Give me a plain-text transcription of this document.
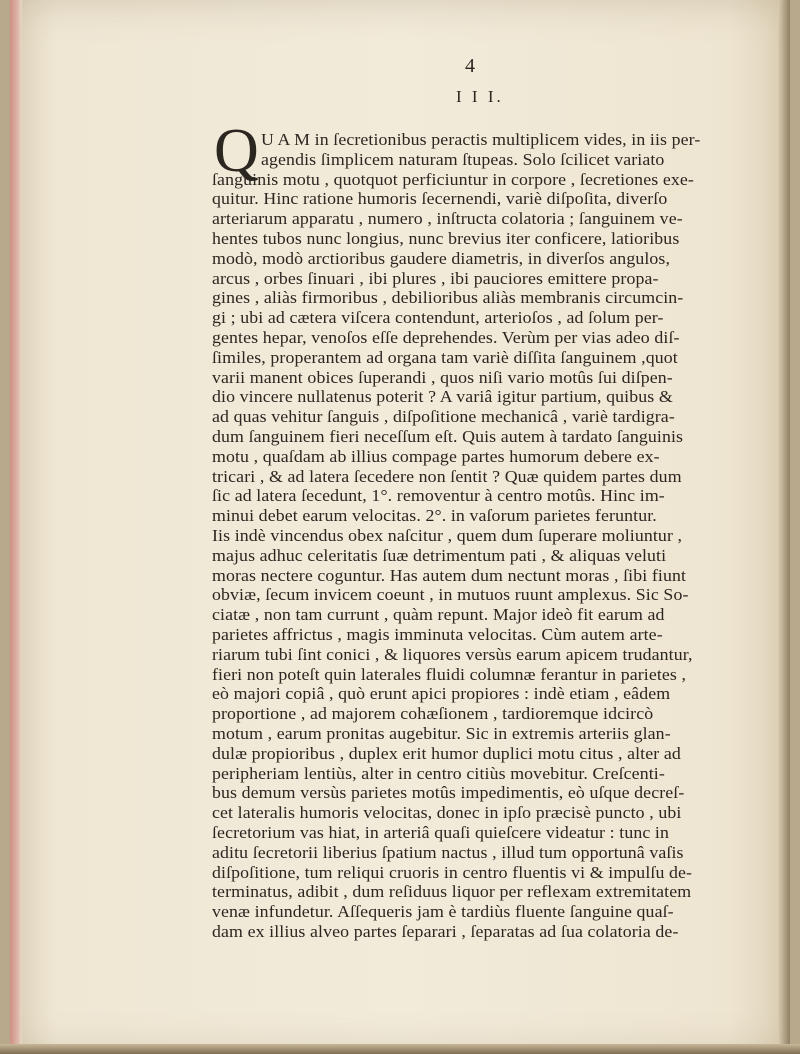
4
I I I.
Q U A M in ſecretionibus peractis multiplicem vides, in iis per-
agendis ſimplicem naturam ſtupeas. Solo ſcilicet variato
ſanguinis motu , quotquot perficiuntur in corpore , ſecretiones exe-
quitur. Hinc ratione humoris ſecernendi, variè diſpoſita, diverſo
arteriarum apparatu , numero , inſtructa colatoria ; ſanguinem ve-
hentes tubos nunc longius, nunc brevius iter conficere, latioribus
modò, modò arctioribus gaudere diametris, in diverſos angulos,
arcus , orbes ſinuari , ibi plures , ibi pauciores emittere propa-
gines , aliàs firmoribus , debilioribus aliàs membranis circumcin-
gi ; ubi ad cætera viſcera contendunt, arterioſos , ad ſolum per-
gentes hepar, venoſos eſſe deprehendes. Verùm per vias adeo diſ-
ſimiles, properantem ad organa tam variè diſſita ſanguinem ,quot
varii manent obices ſuperandi , quos niſi vario motûs ſui diſpen-
dio vincere nullatenus poterit ? A variâ igitur partium, quibus &
ad quas vehitur ſanguis , diſpoſitione mechanicâ , variè tardigra-
dum ſanguinem fieri neceſſum eſt. Quis autem à tardato ſanguinis
motu , quaſdam ab illius compage partes humorum debere ex-
tricari , & ad latera ſecedere non ſentit ? Quæ quidem partes dum
ſic ad latera ſecedunt, 1°. removentur à centro motûs. Hinc im-
minui debet earum velocitas. 2°. in vaſorum parietes feruntur.
Iis indè vincendus obex naſcitur , quem dum ſuperare moliuntur ,
majus adhuc celeritatis ſuæ detrimentum pati , & aliquas veluti
moras nectere coguntur. Has autem dum nectunt moras , ſibi fiunt
obviæ, ſecum invicem coeunt , in mutuos ruunt amplexus. Sic So-
ciatæ , non tam currunt , quàm repunt. Major ideò fit earum ad
parietes affrictus , magis imminuta velocitas. Cùm autem arte-
riarum tubi ſint conici , & liquores versùs earum apicem trudantur,
fieri non poteſt quin laterales fluidi columnæ ferantur in parietes ,
eò majori copiâ , quò erunt apici propiores : indè etiam , eâdem
proportione , ad majorem cohæſionem , tardioremque idcircò
motum , earum pronitas augebitur. Sic in extremis arteriis glan-
dulæ propioribus , duplex erit humor duplici motu citus , alter ad
peripheriam lentiùs, alter in centro citiùs movebitur. Creſcenti-
bus demum versùs parietes motûs impedimentis, eò uſque decreſ-
cet lateralis humoris velocitas, donec in ipſo præcisè puncto , ubi
ſecretorium vas hiat, in arteriâ quaſi quieſcere videatur : tunc in
aditu ſecretorii liberius ſpatium nactus , illud tum opportunâ vaſis
diſpoſitione, tum reliqui cruoris in centro fluentis vi & impulſu de-
terminatus, adibit , dum reſiduus liquor per reflexam extremitatem
venæ infundetur. Aſſequeris jam è tardiùs fluente ſanguine quaſ-
dam ex illius alveo partes ſeparari , ſeparatas ad ſua colatoria de-
